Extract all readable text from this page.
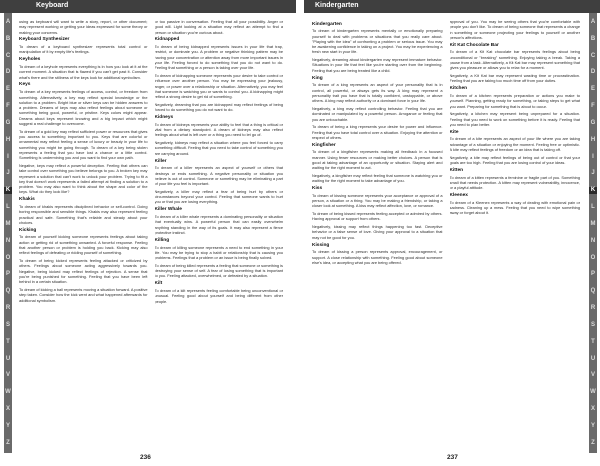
Keyboard
A
B
C
D
E
F
G
H
I
J
K
L
M
N
O
P
Q
R
S
T
U
V
W
X
Y
Z

using as keyboard will want to write a story, report, or other document; may represent working or getting your ideas expressed for some theory or making your concerns.

Keyboard Synthesizer

To dream of a keyboard synthesizer represents total control or manipulation of it by empty life's feelings.

Keyholes

To dream of a keyhole represents everything is in how you look at it at the current moment. A situation that is flawed if you can't get past it. Consider what's there and the stillness of the keys look for additional symbolism.

Keys

To dream of a key represents feelings of access, control, or freedom from something. Alternatively, a key may reflect special knowledge or the solution to a problem. Bright blue or silver keys can be hidden answers to a problem. Dreams of keys may also reflect feelings about someone or something being good, powerful, or pristine. Keys colors might appear. Dreams about keys represent knowing and a big impact which might suggest a real challenge to overcome.

To dream of a gold key may reflect sufficient power or resources that gives you access to something important to you. Keys that are colorful or ornamental may reflect feeling a sense of luxury or beauty in your life to something you might be going through. To dream of a key being stolen represents a feeling that you have lost a chance or a little control. Something is undermining you and you want to find your own path.

Negative, keys may reflect a powerful deception. Feeling that others can take control over something you believe belongs to you. A broken key may represent a solution that can't work to unlock your problem. Trying to fit a key that doesn't work represents a failed attempt at finding a solution to a problem. You may also want to think about the shape and color of the keys. What do they look like?

Khakis

To dream of khakis represents disciplined behavior or self-control. Doing boring responsible and sensible things. Khakis may also represent feeling practical and safe. Something that's reliable and steady about your choices.

Kicking

To dream of yourself kicking someone represents feelings about taking action or getting rid of something unwanted. A forceful response. Feeling that another person or problem is holding you back. Kicking may also reflect feelings of defeating or ridding yourself of something.

To dream of being kicked represents feeling attacked or criticized by others. Feelings about someone acting aggressively towards you. Negative, being kicked may reflect feelings of rejection. A sense that you're being punished for something. Feeling that you have been left behind in a certain situation.

To dream of kicking a ball represents moving a situation forward. A positive step taken. Consider how the kick went and what happened afterwards for additional symbolism.

or too passive in conversation. Feeling that all your possibility. Anger or good will. Light looking at a situation may reflect an attempt to find a person or situation you're curious about.

Kidnapped

To dream of being kidnapped represents issues in your life that trap, restrict, or dominate you. A problem or negative thinking pattern may be having your concentration or attention away from more important issues in your life. Feeling forced to do something that you do not want to do. Feeling that something or a person is taking over your life.

To dream of kidnapping someone represents your desire to take control or influence over another person. You may be expressing your jealousy, anger, or power over a relationship or situation. Alternatively, you may feel that someone is watching you or wants to control you. A kidnapping might reflect a strong desire to get rid of something.

Negatively, dreaming that you are kidnapped may reflect feelings of being forced to do something you do not want to do.

Kidneys

To dream of kidneys represents your ability to feel that a thing is critical or vital from a dietary standpoint. A dream of kidneys may also reflect feelings about what is left over or a thing you need to let go of.

Negatively, kidneys may reflect a situation where you feel forced to carry something difficult. Feeling that you need to take control of something you are carrying around.

Killer

To dream of a killer represents an aspect of yourself or others that destroys or ends something. A negative personality or situation you believe is out of control. Someone or something may be eliminating a part of your life you feel is important.

Negatively, a killer may reflect a fear of being hurt by others or circumstances beyond your control. Feeling that someone wants to hurt you or that you are losing everything.

Killer Whale

To dream of a killer whale represents a dominating personality or situation that eventually wins. A powerful person that can easily overwhelm anything standing in the way of its goals. It may also represent a fierce protective instinct.

Killing

To dream of killing someone represents a need to end something in your life. You may be trying to stop a habit or relationship that is causing you problems. Feelings that a problem or an issue is being finally solved.

To dream of being killed represents a feeling that someone or something is destroying your sense of self. A fear of losing something that is important to you. Feeling attacked, overwhelmed, or defeated by a situation.

Kilt

To dream of a kilt represents feeling comfortable being unconventional or unusual. Feeling good about yourself and being different from other people.

236
Kindergarten
A
B
C
D
E
F
G
H
I
J
K
L
M
N
O
P
Q
R
S
T
U
V
W
X
Y
Z
Kindergarten

To dream of kindergarten represents mentally or emotionally preparing yourself to deal with problems or situations that you really care about. "Playing with the idea" of confronting a problem or serious issue. You may be awakening confidence in taking on a project. You may be experiencing a fresh new start in your life.

Negatively, dreaming about kindergarten may represent immature behavior. Situations in your life that feel like you're starting over from the beginning. Feeling that you are being treated like a child.

King

To dream of a king represents an aspect of your personality that is in control, all powerful, or always gets its way. A king may represent a personality trait you have that is totally confident, unstoppable, or above others. A king may reflect authority or a dominant force in your life.

Negatively, a king may reflect controlling behavior. Feeling that you are dominated or manipulated by a powerful person. Arrogance or feeling that you are untouchable.

To dream of being a king represents your desire for power and influence. Feeling that you have total control over a situation. Enjoying the attention or respect of others.

Kingfisher

To dream of a kingfisher represents making all feedback in a focused manner. Using fewer resources or making better choices. A person that is good at taking advantage of an opportunity or situation. Staying alert and waiting for the right moment to act.

Negatively, a kingfisher may reflect feeling that someone is watching you or waiting for the right moment to take advantage of you.

Kiss

To dream of kissing someone represents your acceptance or approval of a person, a situation or a thing. You may be making a friendship, or taking a closer look at something. A kiss may reflect affection, love, or romance.

To dream of being kissed represents feeling accepted or admired by others. Having approval or support from others.

Negatively, kissing may reflect things happening too fast. Deceptive behavior or a false sense of love. Giving your approval to a situation that may not be good for you.

Kissing

To dream of kissing a person represents approval, encouragement, or support. A close relationship with something. Feeling good about someone else's idea, or accepting what you are being offered.

approval of you. You may be seeing others that you're comfortable with people you don't like. To dream of being someone that represents a change in something or someone projecting your feelings to yourself or another person's affections.

Kit Kat Chocolate Bar

To dream of a Kit Kat chocolate bar represents feelings about being unconditional or "breaking" something. Enjoying taking a break. Taking a pause from a task. Alternatively, a Kit Kat bar may represent something that gives you pleasure or allows you to relax for a moment.

Negatively, a Kit Kat bar may represent wasting time or procrastination. Feeling that you are taking too much time off from your duties.

Kitchen

To dream of a kitchen represents preparation or actions you make to yourself. Planning, getting ready for something, or taking steps to get what you want. Preparing for something that is about to occur.

Negatively, a kitchen may represent being unprepared for a situation. Feeling that you need to work on something before it is ready. Feeling that you need to plan better.

Kite

To dream of a kite represents an aspect of your life where you are taking advantage of a situation or enjoying the moment. Feeling free or optimistic. A kite may reflect feelings of freedom or an idea that is taking off.

Negatively, a kite may reflect feelings of being out of control or that your goals are too high. Feeling that you are losing control of your ideas.

Kitten

To dream of a kitten represents a feminine or fragile part of you. Something small that needs protection. A kitten may represent vulnerability, innocence, or a playful attitude.

Kleenex

To dream of a Kleenex represents a way of dealing with emotional pain or sadness. Cleaning up a mess. Feeling that you need to wipe something away or forget about it.

237
